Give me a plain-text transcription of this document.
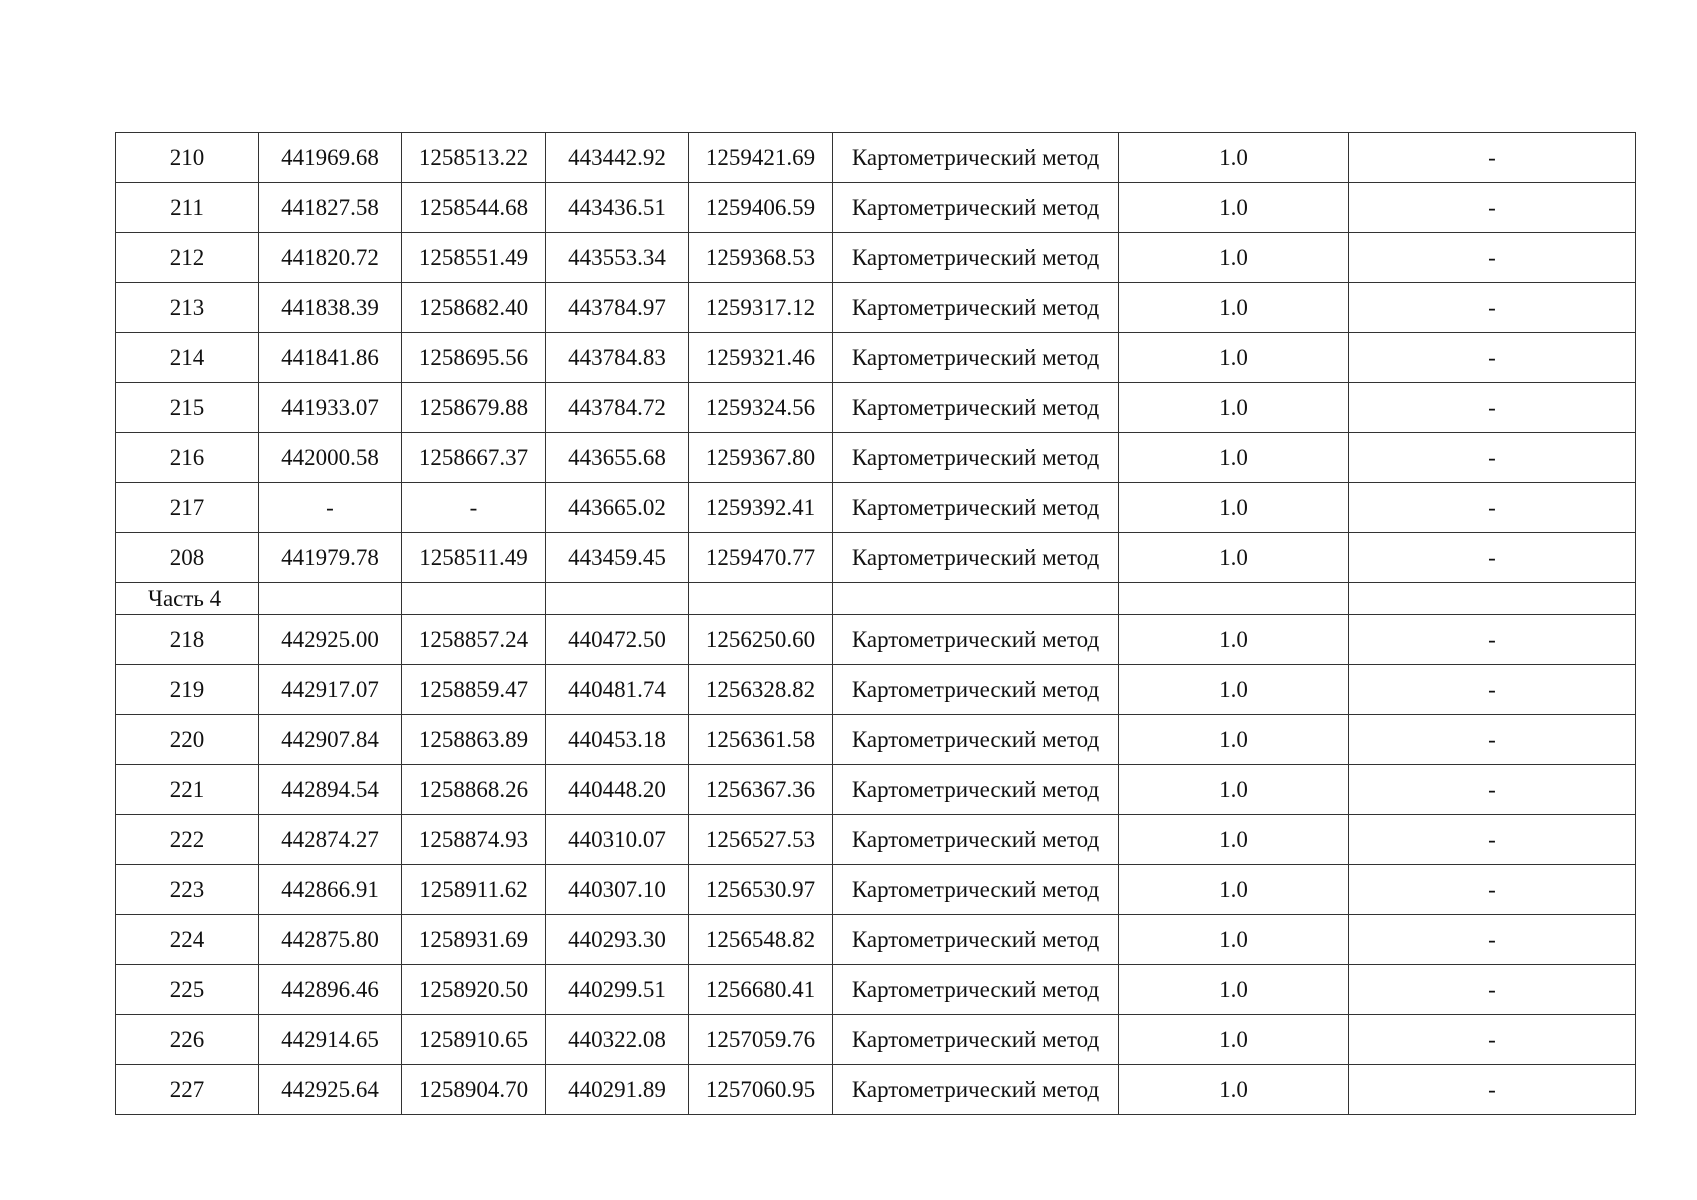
210	441969.68	1258513.22	443442.92	1259421.69	Картометрический метод	1.0	-
211	441827.58	1258544.68	443436.51	1259406.59	Картометрический метод	1.0	-
212	441820.72	1258551.49	443553.34	1259368.53	Картометрический метод	1.0	-
213	441838.39	1258682.40	443784.97	1259317.12	Картометрический метод	1.0	-
214	441841.86	1258695.56	443784.83	1259321.46	Картометрический метод	1.0	-
215	441933.07	1258679.88	443784.72	1259324.56	Картометрический метод	1.0	-
216	442000.58	1258667.37	443655.68	1259367.80	Картометрический метод	1.0	-
217	-	-	443665.02	1259392.41	Картометрический метод	1.0	-
208	441979.78	1258511.49	443459.45	1259470.77	Картометрический метод	1.0	-
Часть 4							
218	442925.00	1258857.24	440472.50	1256250.60	Картометрический метод	1.0	-
219	442917.07	1258859.47	440481.74	1256328.82	Картометрический метод	1.0	-
220	442907.84	1258863.89	440453.18	1256361.58	Картометрический метод	1.0	-
221	442894.54	1258868.26	440448.20	1256367.36	Картометрический метод	1.0	-
222	442874.27	1258874.93	440310.07	1256527.53	Картометрический метод	1.0	-
223	442866.91	1258911.62	440307.10	1256530.97	Картометрический метод	1.0	-
224	442875.80	1258931.69	440293.30	1256548.82	Картометрический метод	1.0	-
225	442896.46	1258920.50	440299.51	1256680.41	Картометрический метод	1.0	-
226	442914.65	1258910.65	440322.08	1257059.76	Картометрический метод	1.0	-
227	442925.64	1258904.70	440291.89	1257060.95	Картометрический метод	1.0	-
